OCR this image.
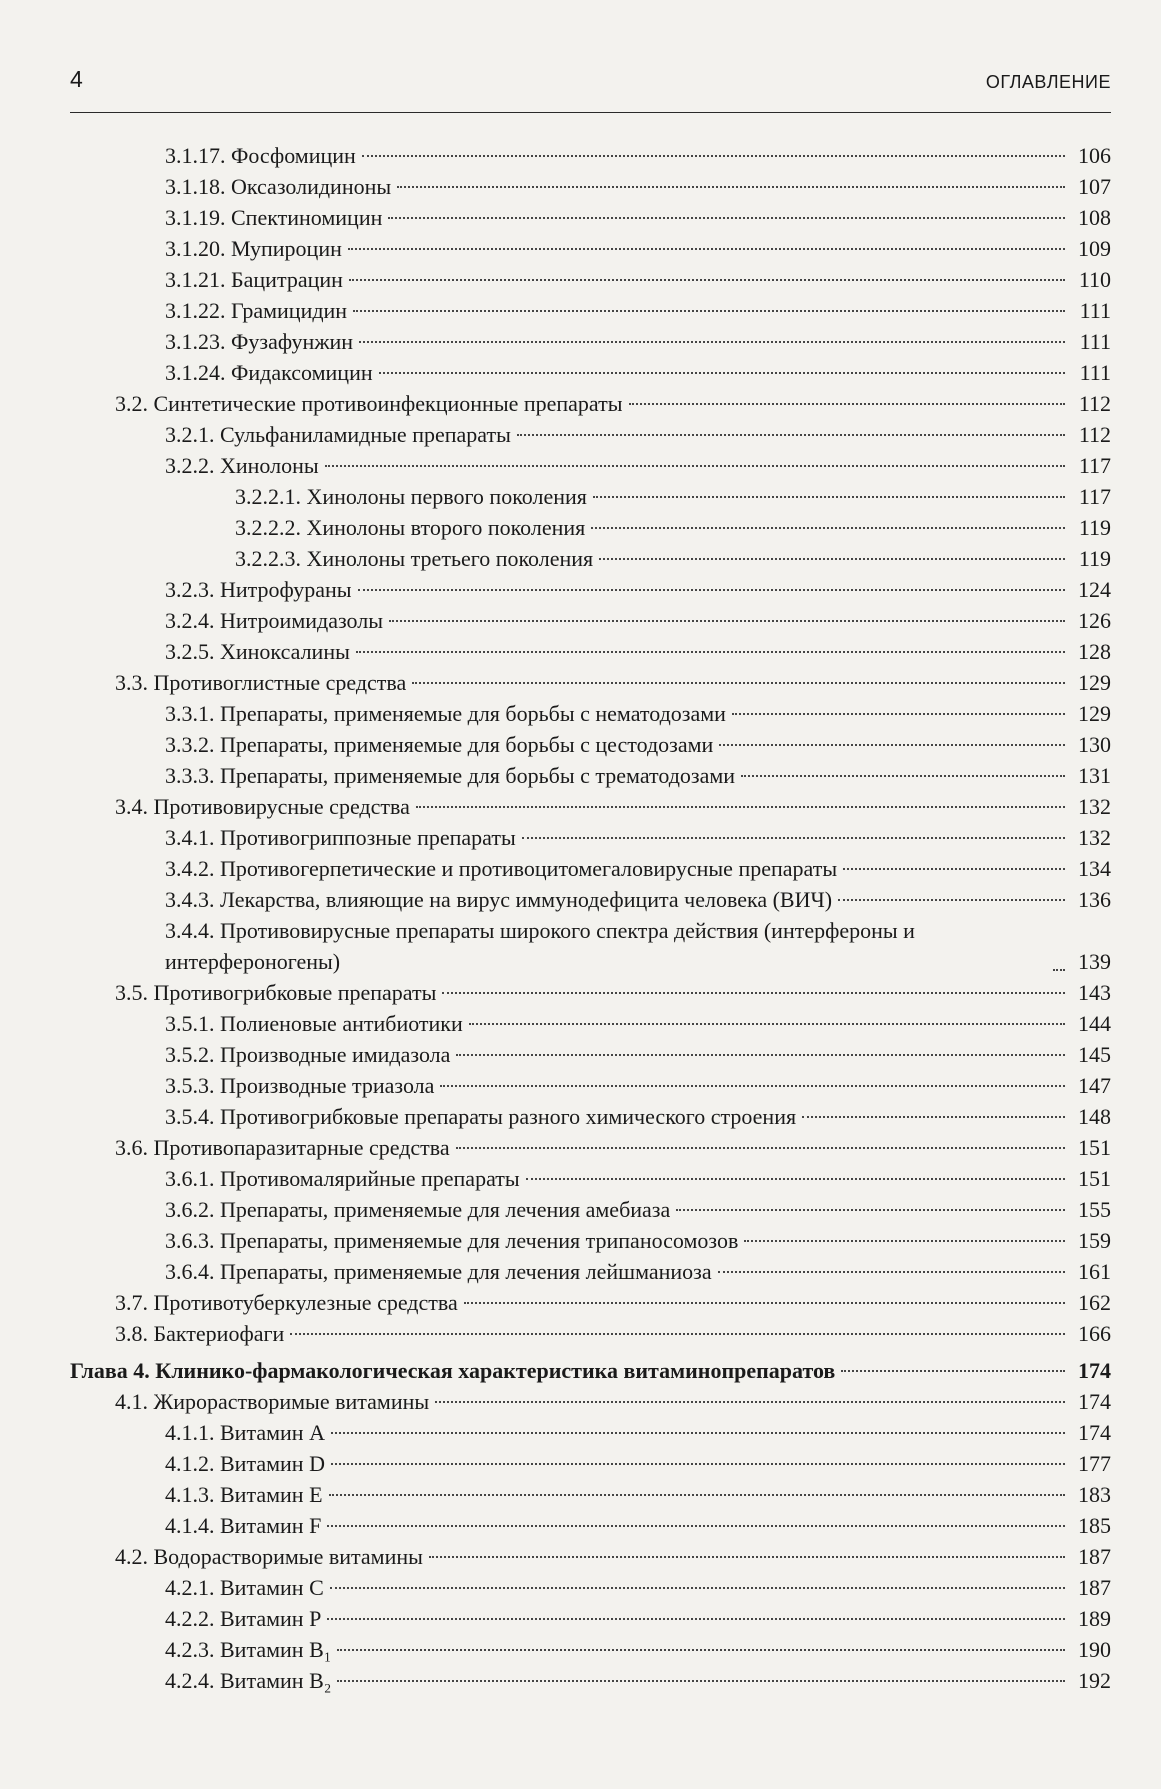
4	ОГЛАВЛЕНИЕ
3.1.17. Фосфомицин	106
3.1.18. Оксазолидиноны	107
3.1.19. Спектиномицин	108
3.1.20. Мупироцин	109
3.1.21. Бацитрацин	110
3.1.22. Грамицидин	111
3.1.23. Фузафунжин	111
3.1.24. Фидаксомицин	111
3.2. Синтетические противоинфекционные препараты	112
3.2.1. Сульфаниламидные препараты	112
3.2.2. Хинолоны	117
3.2.2.1. Хинолоны первого поколения	117
3.2.2.2. Хинолоны второго поколения	119
3.2.2.3. Хинолоны третьего поколения	119
3.2.3. Нитрофураны	124
3.2.4. Нитроимидазолы	126
3.2.5. Хиноксалины	128
3.3. Противоглистные средства	129
3.3.1. Препараты, применяемые для борьбы с нематодозами	129
3.3.2. Препараты, применяемые для борьбы с цестодозами	130
3.3.3. Препараты, применяемые для борьбы с трематодозами	131
3.4. Противовирусные средства	132
3.4.1. Противогриппозные препараты	132
3.4.2. Противогерпетические и противоцитомегаловирусные препараты	134
3.4.3. Лекарства, влияющие на вирус иммунодефицита человека (ВИЧ)	136
3.4.4. Противовирусные препараты широкого спектра действия (интерфероны и интерфероногены)	139
3.5. Противогрибковые препараты	143
3.5.1. Полиеновые антибиотики	144
3.5.2. Производные имидазола	145
3.5.3. Производные триазола	147
3.5.4. Противогрибковые препараты разного химического строения	148
3.6. Противопаразитарные средства	151
3.6.1. Противомалярийные препараты	151
3.6.2. Препараты, применяемые для лечения амебиаза	155
3.6.3. Препараты, применяемые для лечения трипаносомозов	159
3.6.4. Препараты, применяемые для лечения лейшманиоза	161
3.7. Противотуберкулезные средства	162
3.8. Бактериофаги	166
Глава 4. Клинико-фармакологическая характеристика витаминопрепаратов	174
4.1. Жирорастворимые витамины	174
4.1.1. Витамин A	174
4.1.2. Витамин D	177
4.1.3. Витамин E	183
4.1.4. Витамин F	185
4.2. Водорастворимые витамины	187
4.2.1. Витамин C	187
4.2.2. Витамин P	189
4.2.3. Витамин B₁	190
4.2.4. Витамин B₂	192
